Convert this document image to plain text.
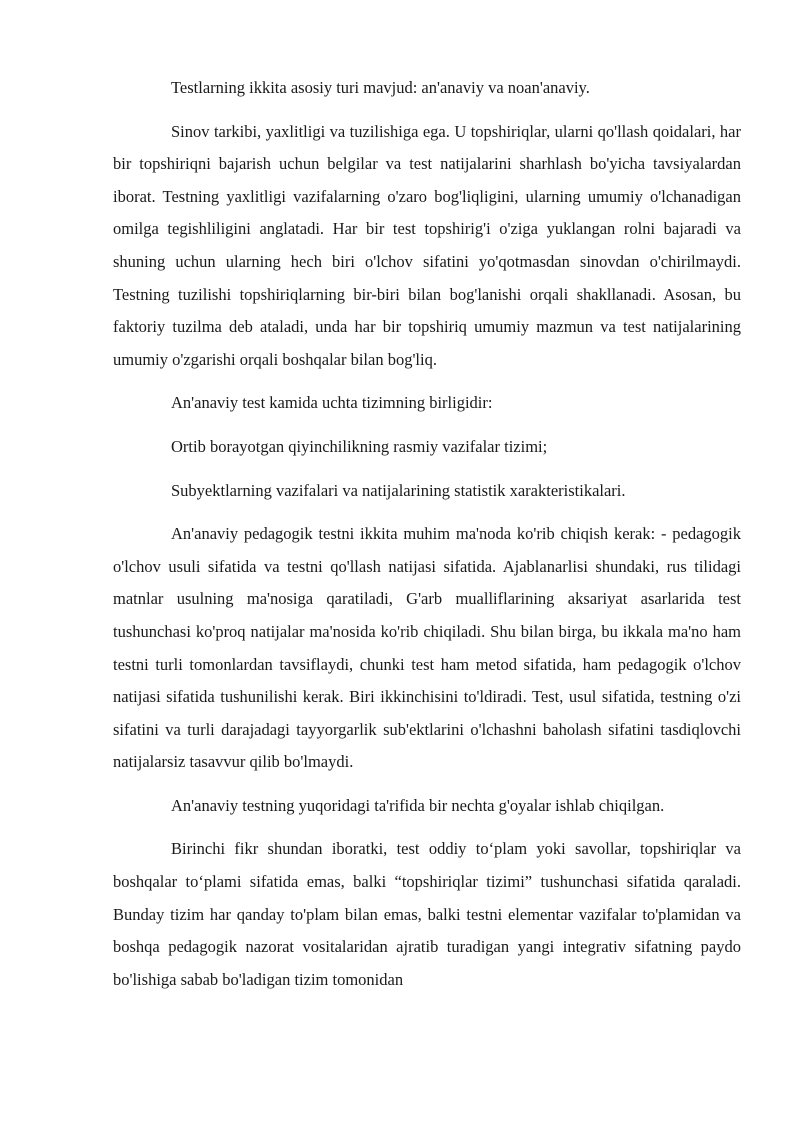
Testlarning ikkita asosiy turi mavjud: an'anaviy va noan'anaviy.

Sinov tarkibi, yaxlitligi va tuzilishiga ega. U topshiriqlar, ularni qo'llash qoidalari, har bir topshiriqni bajarish uchun belgilar va test natijalarini sharhlash bo'yicha tavsiyalardan iborat. Testning yaxlitligi vazifalarning o'zaro bog'liqligini, ularning umumiy o'lchanadigan omilga tegishliligini anglatadi. Har bir test topshirig'i o'ziga yuklangan rolni bajaradi va shuning uchun ularning hech biri o'lchov sifatini yo'qotmasdan sinovdan o'chirilmaydi. Testning tuzilishi topshiriqlarning bir-biri bilan bog'lanishi orqali shakllanadi. Asosan, bu faktoriy tuzilma deb ataladi, unda har bir topshiriq umumiy mazmun va test natijalarining umumiy o'zgarishi orqali boshqalar bilan bog'liq.

An'anaviy test kamida uchta tizimning birligidir:

Ortib borayotgan qiyinchilikning rasmiy vazifalar tizimi;

Subyektlarning vazifalari va natijalarining statistik xarakteristikalari.

An'anaviy pedagogik testni ikkita muhim ma'noda ko'rib chiqish kerak: - pedagogik o'lchov usuli sifatida va testni qo'llash natijasi sifatida. Ajablanarlisi shundaki, rus tilidagi matnlar usulning ma'nosiga qaratiladi, G'arb mualliflarining aksariyat asarlarida test tushunchasi ko'proq natijalar ma'nosida ko'rib chiqiladi. Shu bilan birga, bu ikkala ma'no ham testni turli tomonlardan tavsiflaydi, chunki test ham metod sifatida, ham pedagogik o'lchov natijasi sifatida tushunilishi kerak. Biri ikkinchisini to'ldiradi. Test, usul sifatida, testning o'zi sifatini va turli darajadagi tayyorgarlik sub'ektlarini o'lchashni baholash sifatini tasdiqlovchi natijalarsiz tasavvur qilib bo'lmaydi.

An'anaviy testning yuqoridagi ta'rifida bir nechta g'oyalar ishlab chiqilgan.

Birinchi fikr shundan iboratki, test oddiy to‘plam yoki savollar, topshiriqlar va boshqalar to‘plami sifatida emas, balki “topshiriqlar tizimi” tushunchasi sifatida qaraladi. Bunday tizim har qanday to'plam bilan emas, balki testni elementar vazifalar to'plamidan va boshqa pedagogik nazorat vositalaridan ajratib turadigan yangi integrativ sifatning paydo bo'lishiga sabab bo'ladigan tizim tomonidan
